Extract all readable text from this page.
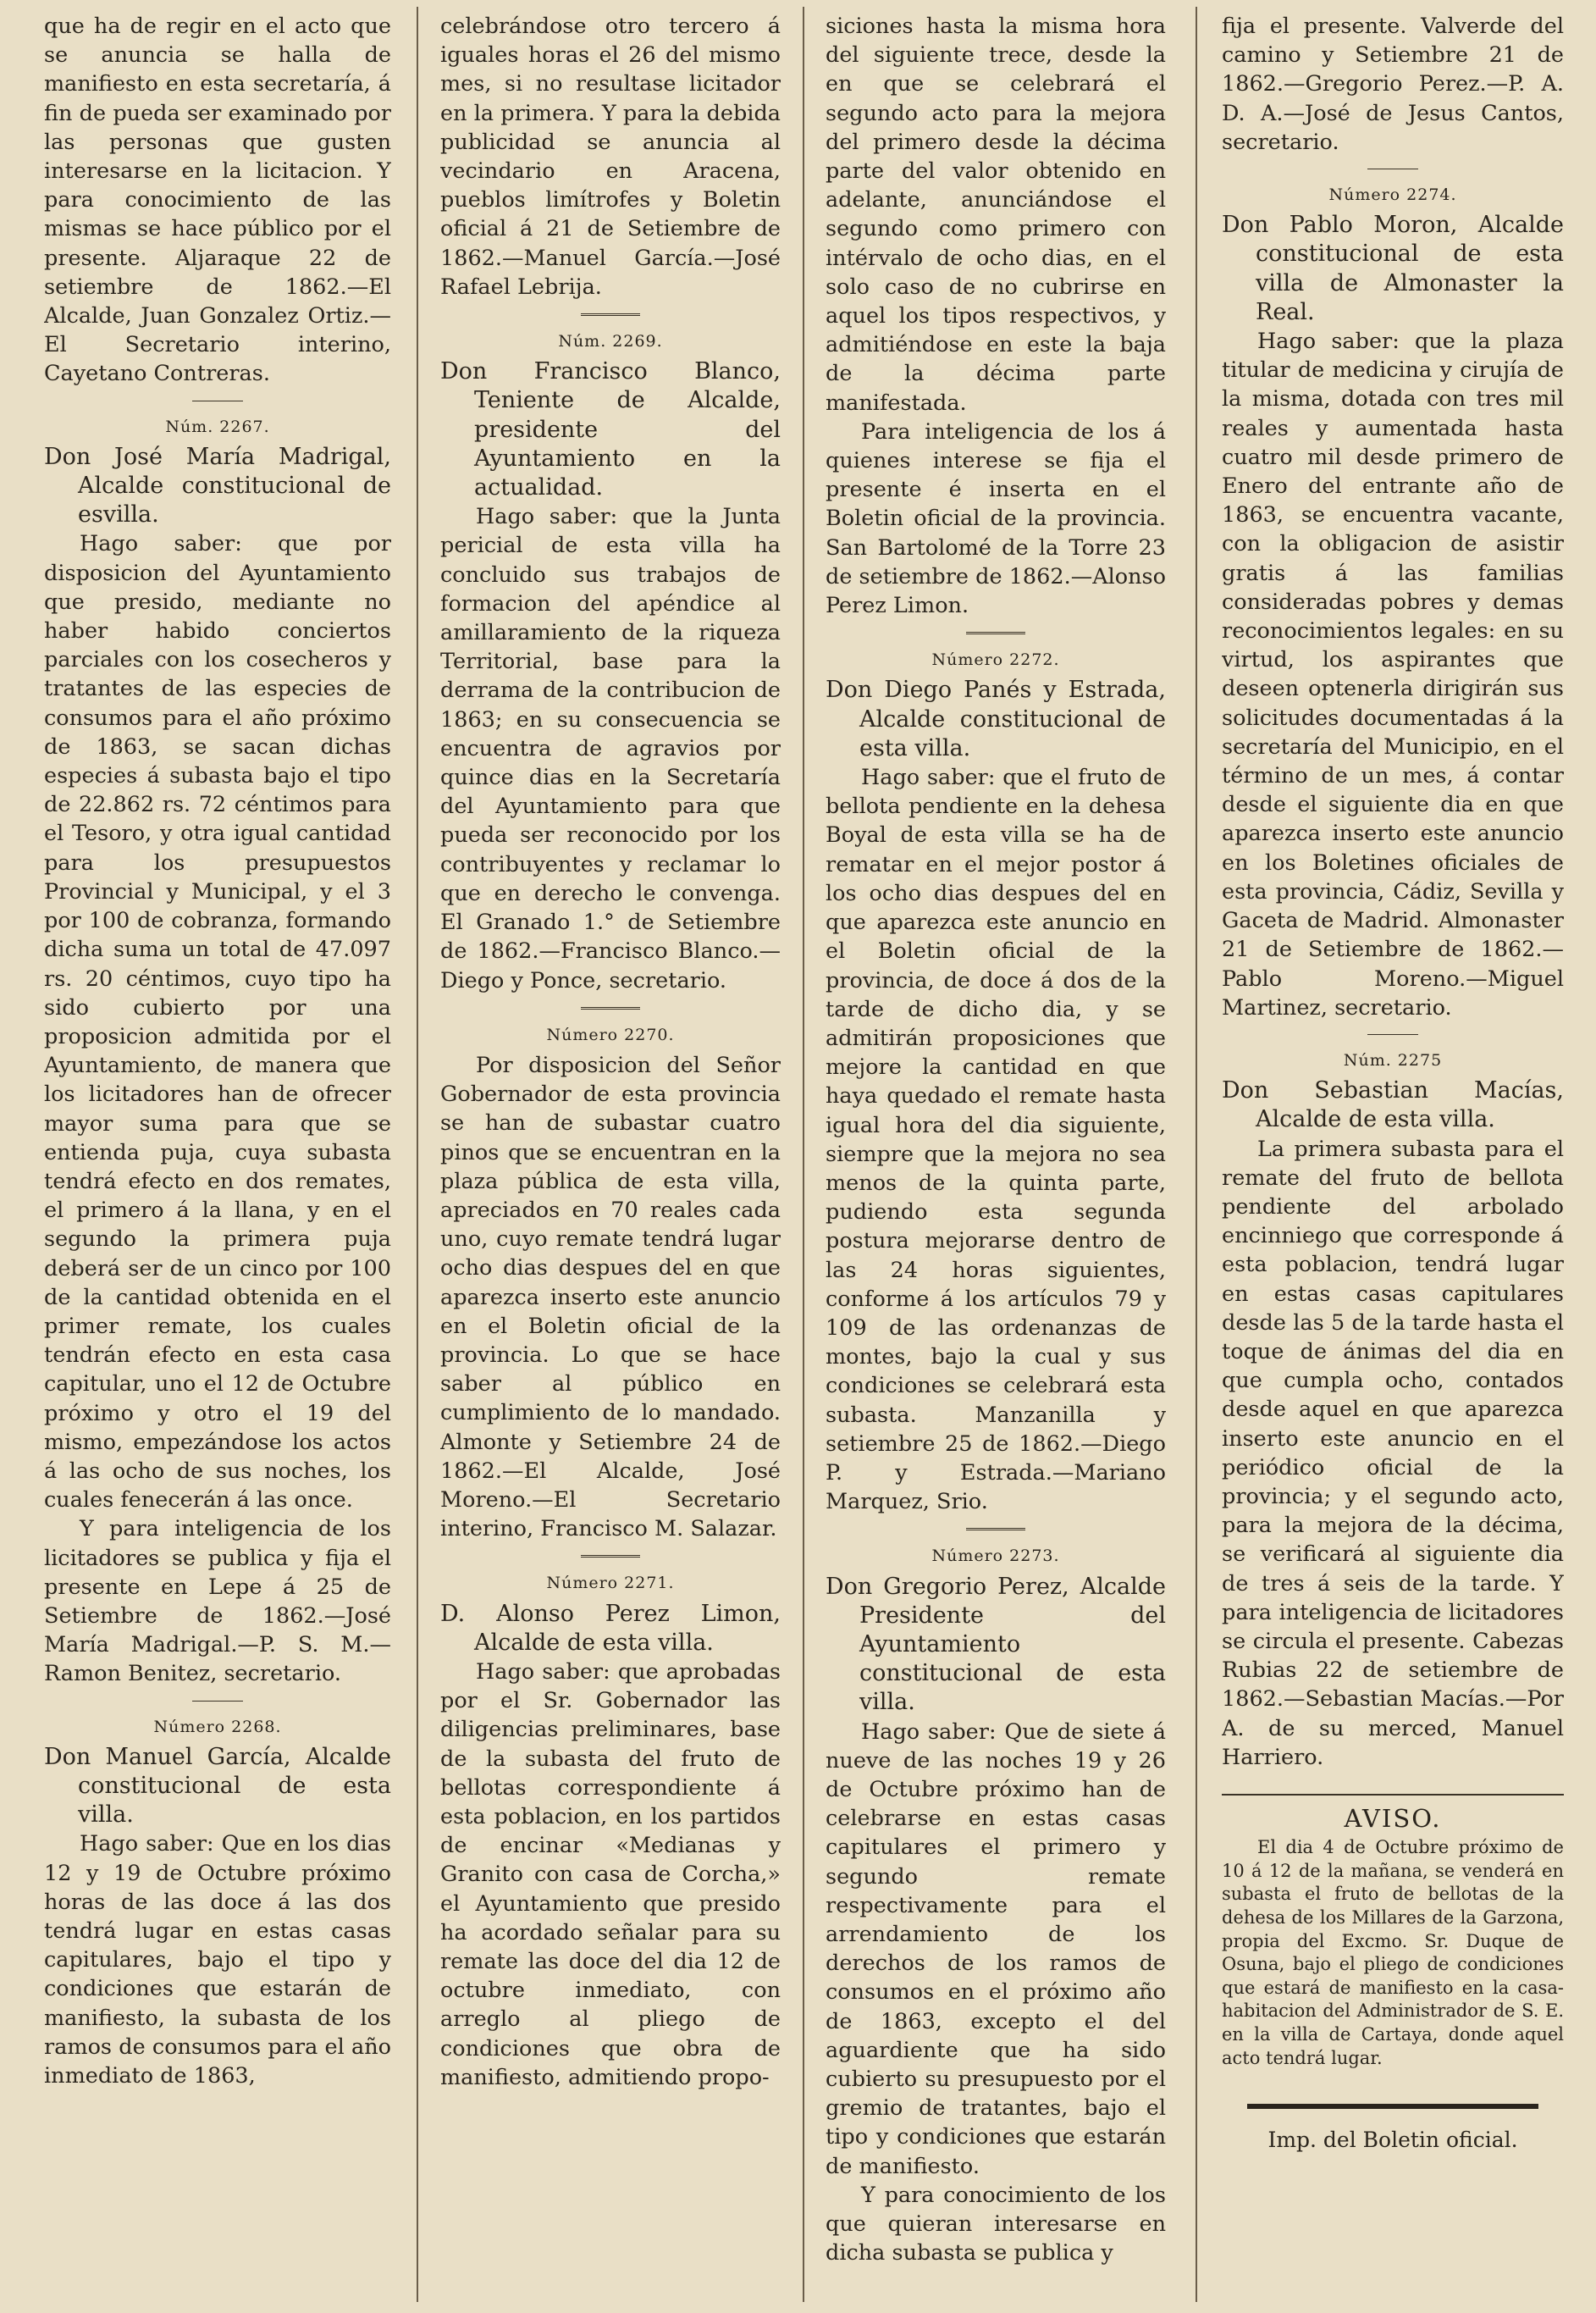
que ha de regir en el acto que se anuncia se halla de manifiesto en esta secretaría, á fin de pueda ser examinado por las personas que gusten interesarse en la licitacion. Y para conocimiento de las mismas se hace público por el presente. Aljaraque 22 de setiembre de 1862.—El Alcalde, Juan Gonzalez Ortiz.—El Secretario interino, Cayetano Contreras.

Núm. 2267.

Don José María Madrigal, Alcalde constitucional de esvilla.

Hago saber: que por disposicion del Ayuntamiento que presido, mediante no haber habido conciertos parciales con los cosecheros y tratantes de las especies de consumos para el año próximo de 1863, se sacan dichas especies á subasta bajo el tipo de 22.862 rs. 72 céntimos para el Tesoro, y otra igual cantidad para los presupuestos Provincial y Municipal, y el 3 por 100 de cobranza, formando dicha suma un total de 47.097 rs. 20 céntimos, cuyo tipo ha sido cubierto por una proposicion admitida por el Ayuntamiento, de manera que los licitadores han de ofrecer mayor suma para que se entienda puja, cuya subasta tendrá efecto en dos remates, el primero á la llana, y en el segundo la primera puja deberá ser de un cinco por 100 de la cantidad obtenida en el primer remate, los cuales tendrán efecto en esta casa capitular, uno el 12 de Octubre próximo y otro el 19 del mismo, empezándose los actos á las ocho de sus noches, los cuales fenecerán á las once.

Y para inteligencia de los licitadores se publica y fija el presente en Lepe á 25 de Setiembre de 1862.—José María Madrigal.—P. S. M.—Ramon Benitez, secretario.

Número 2268.

Don Manuel García, Alcalde constitucional de esta villa.

Hago saber: Que en los dias 12 y 19 de Octubre próximo horas de las doce á las dos tendrá lugar en estas casas capitulares, bajo el tipo y condiciones que estarán de manifiesto, la subasta de los ramos de consumos para el año inmediato de 1863,

celebrándose otro tercero á iguales horas el 26 del mismo mes, si no resultase licitador en la primera. Y para la debida publicidad se anuncia al vecindario en Aracena, pueblos limítrofes y Boletin oficial á 21 de Setiembre de 1862.—Manuel García.—José Rafael Lebrija.

Núm. 2269.

Don Francisco Blanco, Teniente de Alcalde, presidente del Ayuntamiento en la actualidad.

Hago saber: que la Junta pericial de esta villa ha concluido sus trabajos de formacion del apéndice al amillaramiento de la riqueza Territorial, base para la derrama de la contribucion de 1863; en su consecuencia se encuentra de agravios por quince dias en la Secretaría del Ayuntamiento para que pueda ser reconocido por los contribuyentes y reclamar lo que en derecho le convenga. El Granado 1.° de Setiembre de 1862.—Francisco Blanco.—Diego y Ponce, secretario.

Número 2270.

Por disposicion del Señor Gobernador de esta provincia se han de subastar cuatro pinos que se encuentran en la plaza pública de esta villa, apreciados en 70 reales cada uno, cuyo remate tendrá lugar ocho dias despues del en que aparezca inserto este anuncio en el Boletin oficial de la provincia. Lo que se hace saber al público en cumplimiento de lo mandado. Almonte y Setiembre 24 de 1862.—El Alcalde, José Moreno.—El Secretario interino, Francisco M. Salazar.

Número 2271.

D. Alonso Perez Limon, Alcalde de esta villa.

Hago saber: que aprobadas por el Sr. Gobernador las diligencias preliminares, base de la subasta del fruto de bellotas correspondiente á esta poblacion, en los partidos de encinar «Medianas y Granito con casa de Corcha,» el Ayuntamiento que presido ha acordado señalar para su remate las doce del dia 12 de octubre inmediato, con arreglo al pliego de condiciones que obra de manifiesto, admitiendo propo-

siciones hasta la misma hora del siguiente trece, desde la en que se celebrará el segundo acto para la mejora del primero desde la décima parte del valor obtenido en adelante, anunciándose el segundo como primero con intérvalo de ocho dias, en el solo caso de no cubrirse en aquel los tipos respectivos, y admitiéndose en este la baja de la décima parte manifestada.

Para inteligencia de los á quienes interese se fija el presente é inserta en el Boletin oficial de la provincia. San Bartolomé de la Torre 23 de setiembre de 1862.—Alonso Perez Limon.

Número 2272.

Don Diego Panés y Estrada, Alcalde constitucional de esta villa.

Hago saber: que el fruto de bellota pendiente en la dehesa Boyal de esta villa se ha de rematar en el mejor postor á los ocho dias despues del en que aparezca este anuncio en el Boletin oficial de la provincia, de doce á dos de la tarde de dicho dia, y se admitirán proposiciones que mejore la cantidad en que haya quedado el remate hasta igual hora del dia siguiente, siempre que la mejora no sea menos de la quinta parte, pudiendo esta segunda postura mejorarse dentro de las 24 horas siguientes, conforme á los artículos 79 y 109 de las ordenanzas de montes, bajo la cual y sus condiciones se celebrará esta subasta. Manzanilla y setiembre 25 de 1862.—Diego P. y Estrada.—Mariano Marquez, Srio.

Número 2273.

Don Gregorio Perez, Alcalde Presidente del Ayuntamiento constitucional de esta villa.

Hago saber: Que de siete á nueve de las noches 19 y 26 de Octubre próximo han de celebrarse en estas casas capitulares el primero y segundo remate respectivamente para el arrendamiento de los derechos de los ramos de consumos en el próximo año de 1863, excepto el del aguardiente que ha sido cubierto su presupuesto por el gremio de tratantes, bajo el tipo y condiciones que estarán de manifiesto.

Y para conocimiento de los que quieran interesarse en dicha subasta se publica y

fija el presente. Valverde del camino y Setiembre 21 de 1862.—Gregorio Perez.—P. A. D. A.—José de Jesus Cantos, secretario.

Número 2274.

Don Pablo Moron, Alcalde constitucional de esta villa de Almonaster la Real.

Hago saber: que la plaza titular de medicina y cirujía de la misma, dotada con tres mil reales y aumentada hasta cuatro mil desde primero de Enero del entrante año de 1863, se encuentra vacante, con la obligacion de asistir gratis á las familias consideradas pobres y demas reconocimientos legales: en su virtud, los aspirantes que deseen optenerla dirigirán sus solicitudes documentadas á la secretaría del Municipio, en el término de un mes, á contar desde el siguiente dia en que aparezca inserto este anuncio en los Boletines oficiales de esta provincia, Cádiz, Sevilla y Gaceta de Madrid. Almonaster 21 de Setiembre de 1862.—Pablo Moreno.—Miguel Martinez, secretario.

Núm. 2275

Don Sebastian Macías, Alcalde de esta villa.

La primera subasta para el remate del fruto de bellota pendiente del arbolado encinniego que corresponde á esta poblacion, tendrá lugar en estas casas capitulares desde las 5 de la tarde hasta el toque de ánimas del dia en que cumpla ocho, contados desde aquel en que aparezca inserto este anuncio en el periódico oficial de la provincia; y el segundo acto, para la mejora de la décima, se verificará al siguiente dia de tres á seis de la tarde. Y para inteligencia de licitadores se circula el presente. Cabezas Rubias 22 de setiembre de 1862.—Sebastian Macías.—Por A. de su merced, Manuel Harriero.

AVISO.

El dia 4 de Octubre próximo de 10 á 12 de la mañana, se venderá en subasta el fruto de bellotas de la dehesa de los Millares de la Garzona, propia del Excmo. Sr. Duque de Osuna, bajo el pliego de condiciones que estará de manifiesto en la casa-habitacion del Administrador de S. E. en la villa de Cartaya, donde aquel acto tendrá lugar.

Imp. del Boletin oficial.
